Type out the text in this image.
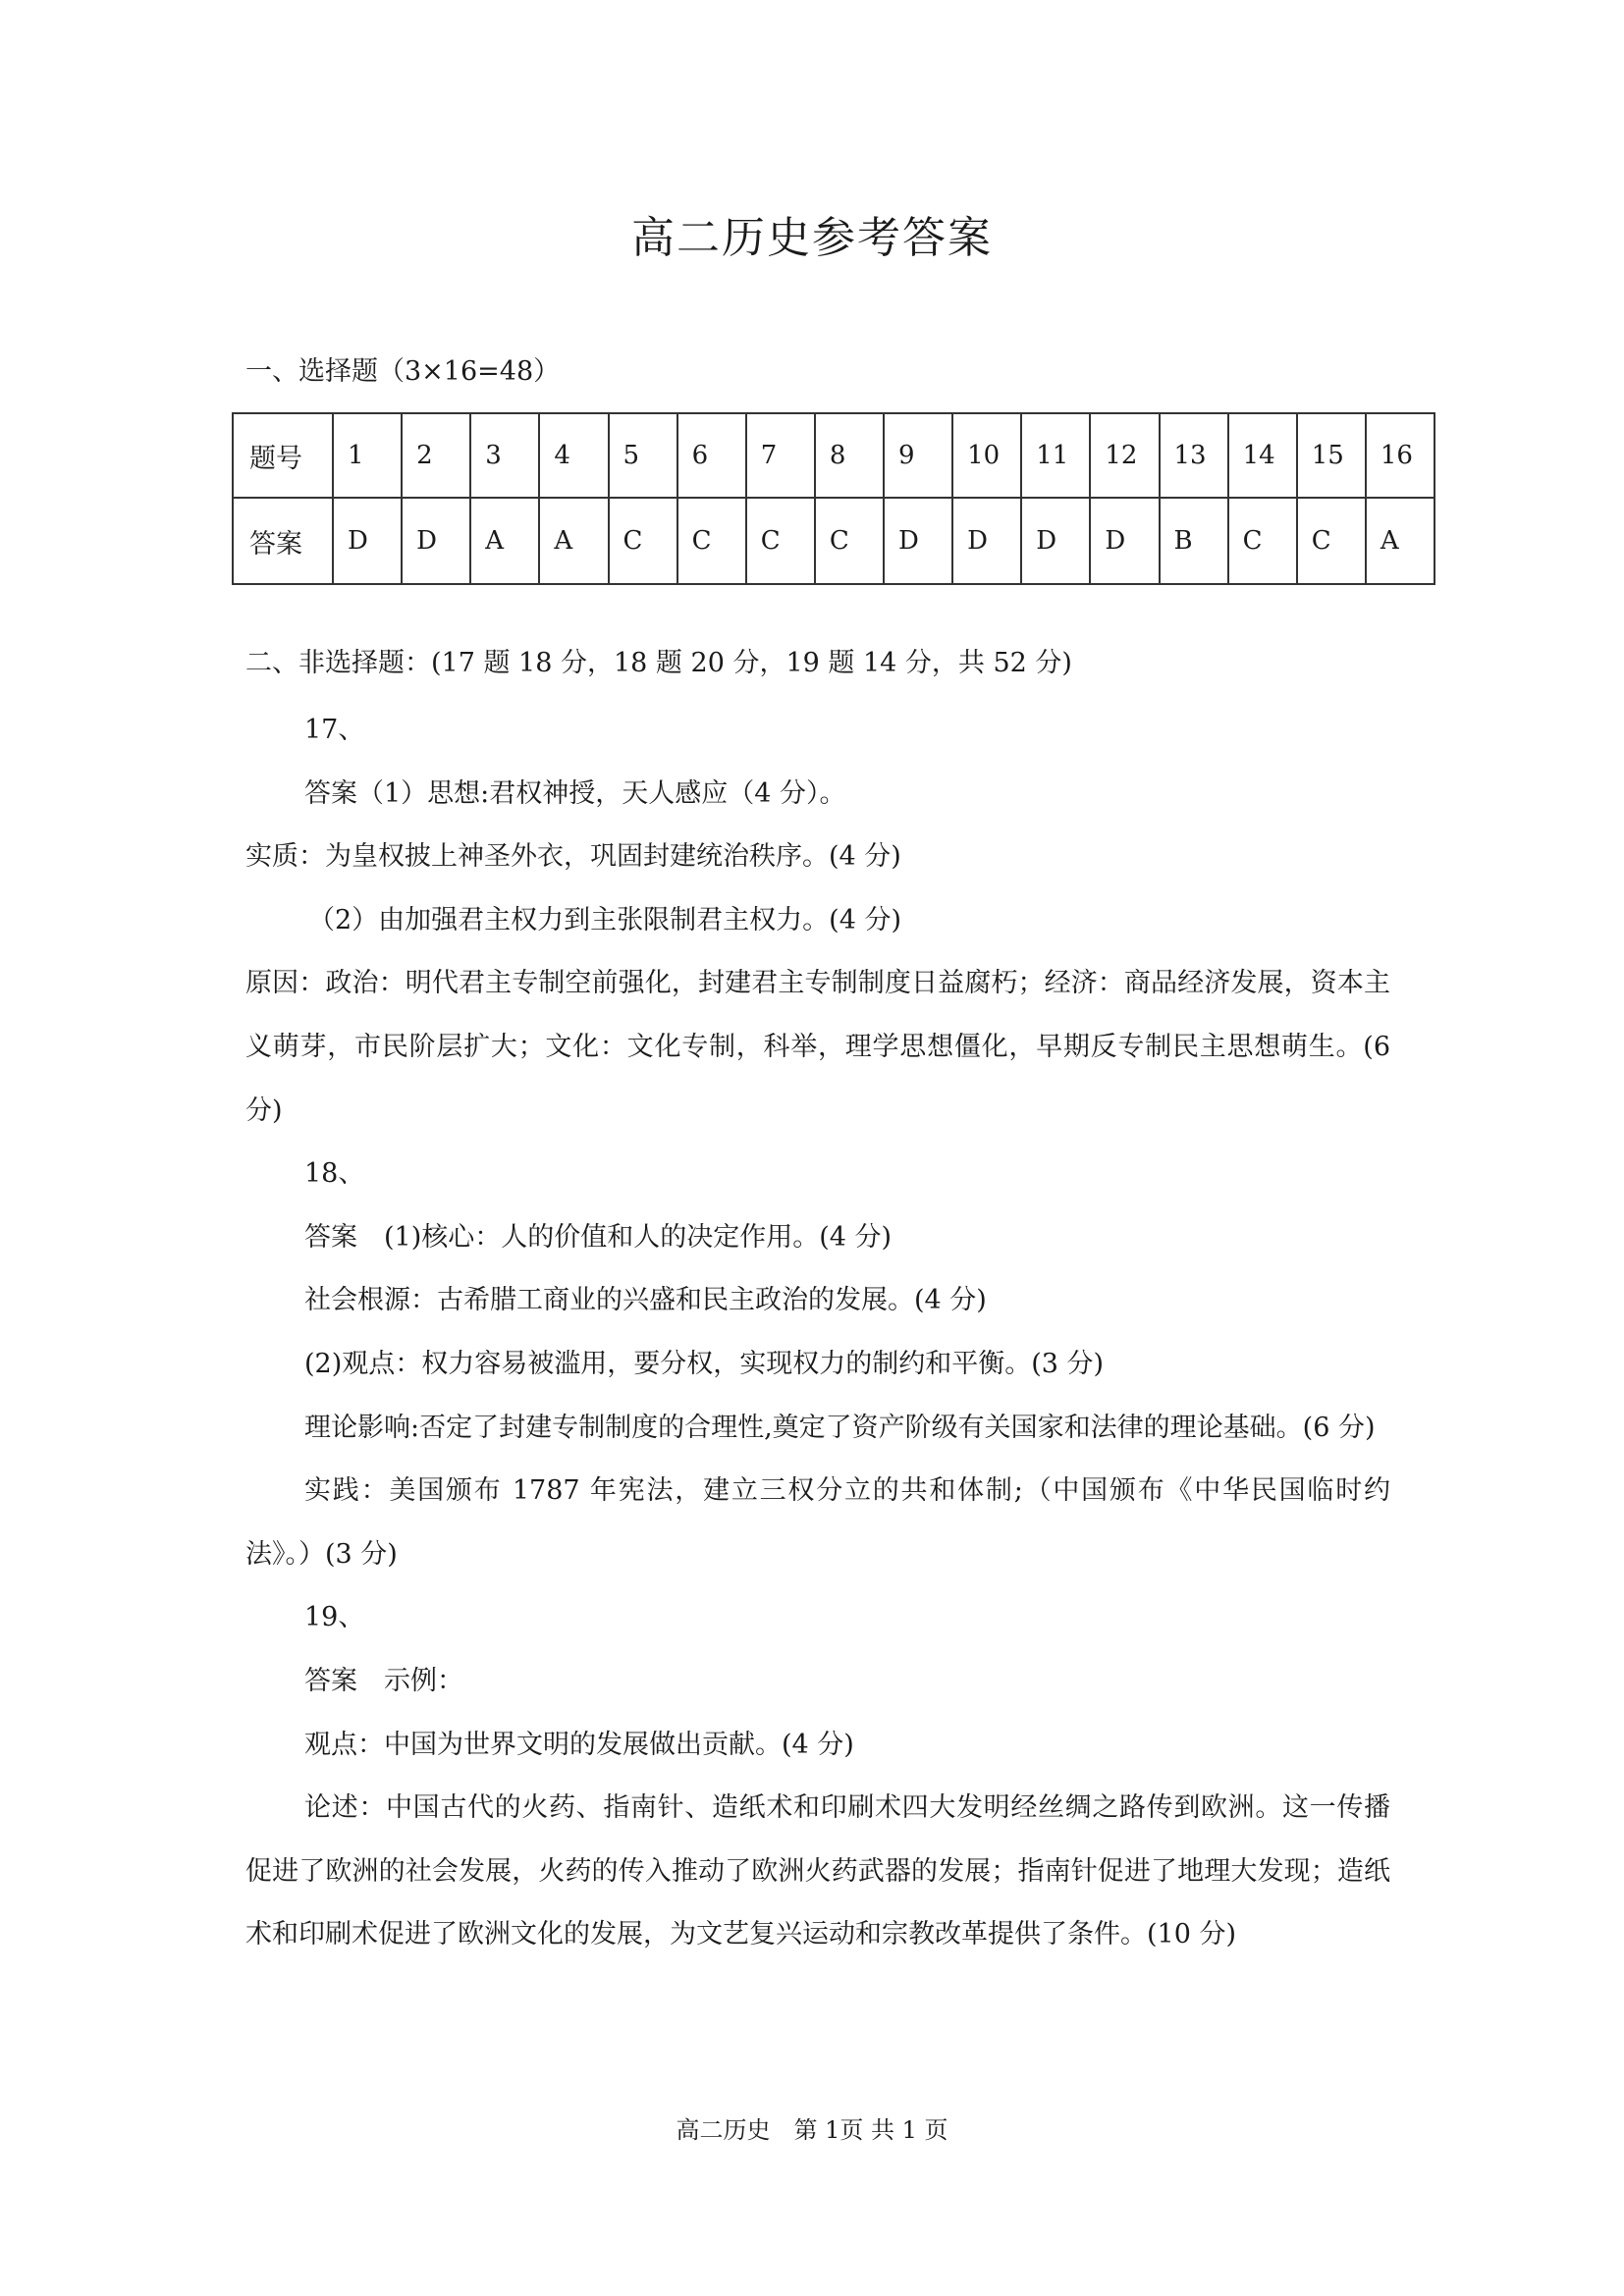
高二历史参考答案
一、选择题（3×16=48）
题号	1	2	3	4	5	6	7	8	9	10	11	12	13	14	15	16
答案	D	D	A	A	C	C	C	C	D	D	D	D	B	C	C	A
二、非选择题：(17 题 18 分，18 题 20 分，19 题 14 分，共 52 分)

17、

答案（1）思想:君权神授，天人感应（4 分）。

实质：为皇权披上神圣外衣，巩固封建统治秩序。(4 分)

（2）由加强君主权力到主张限制君主权力。(4 分)

原因：政治：明代君主专制空前强化，封建君主专制制度日益腐朽；经济：商品经济发展，资本主义萌芽，市民阶层扩大；文化：文化专制，科举，理学思想僵化，早期反专制民主思想萌生。(6 分)

18、

答案　(1)核心：人的价值和人的决定作用。(4 分)

社会根源：古希腊工商业的兴盛和民主政治的发展。(4 分)

(2)观点：权力容易被滥用，要分权，实现权力的制约和平衡。(3 分)

理论影响:否定了封建专制制度的合理性,奠定了资产阶级有关国家和法律的理论基础。(6 分)

实践：美国颁布 1787 年宪法，建立三权分立的共和体制;（中国颁布《中华民国临时约法》。）(3 分)

19、

答案　示例：

观点：中国为世界文明的发展做出贡献。(4 分)

论述：中国古代的火药、指南针、造纸术和印刷术四大发明经丝绸之路传到欧洲。这一传播促进了欧洲的社会发展，火药的传入推动了欧洲火药武器的发展；指南针促进了地理大发现；造纸术和印刷术促进了欧洲文化的发展，为文艺复兴运动和宗教改革提供了条件。(10 分)

高二历史　第 1页 共 1 页
